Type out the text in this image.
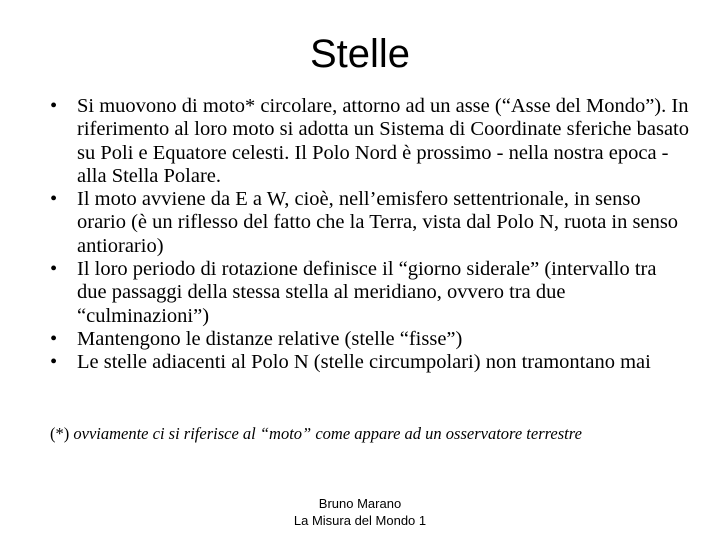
Stelle
• Si muovono di moto* circolare, attorno ad un asse (“Asse del Mondo”). In riferimento al loro moto si adotta un Sistema di Coordinate sferiche basato su Poli e Equatore celesti. Il Polo Nord è prossimo - nella nostra epoca - alla Stella Polare.
• Il moto avviene da E a W, cioè, nell’emisfero settentrionale, in senso orario (è un riflesso del fatto che la Terra, vista dal Polo N, ruota in senso antiorario)
• Il loro periodo di rotazione definisce il “giorno siderale” (intervallo tra due passaggi della stessa stella al meridiano, ovvero tra due “culminazioni”)
• Mantengono le distanze relative (stelle “fisse”)
• Le stelle adiacenti al Polo N (stelle circumpolari) non tramontano mai

(*) ovviamente ci si riferisce al “moto” come appare ad un osservatore terrestre

Bruno Marano
La Misura del Mondo 1
